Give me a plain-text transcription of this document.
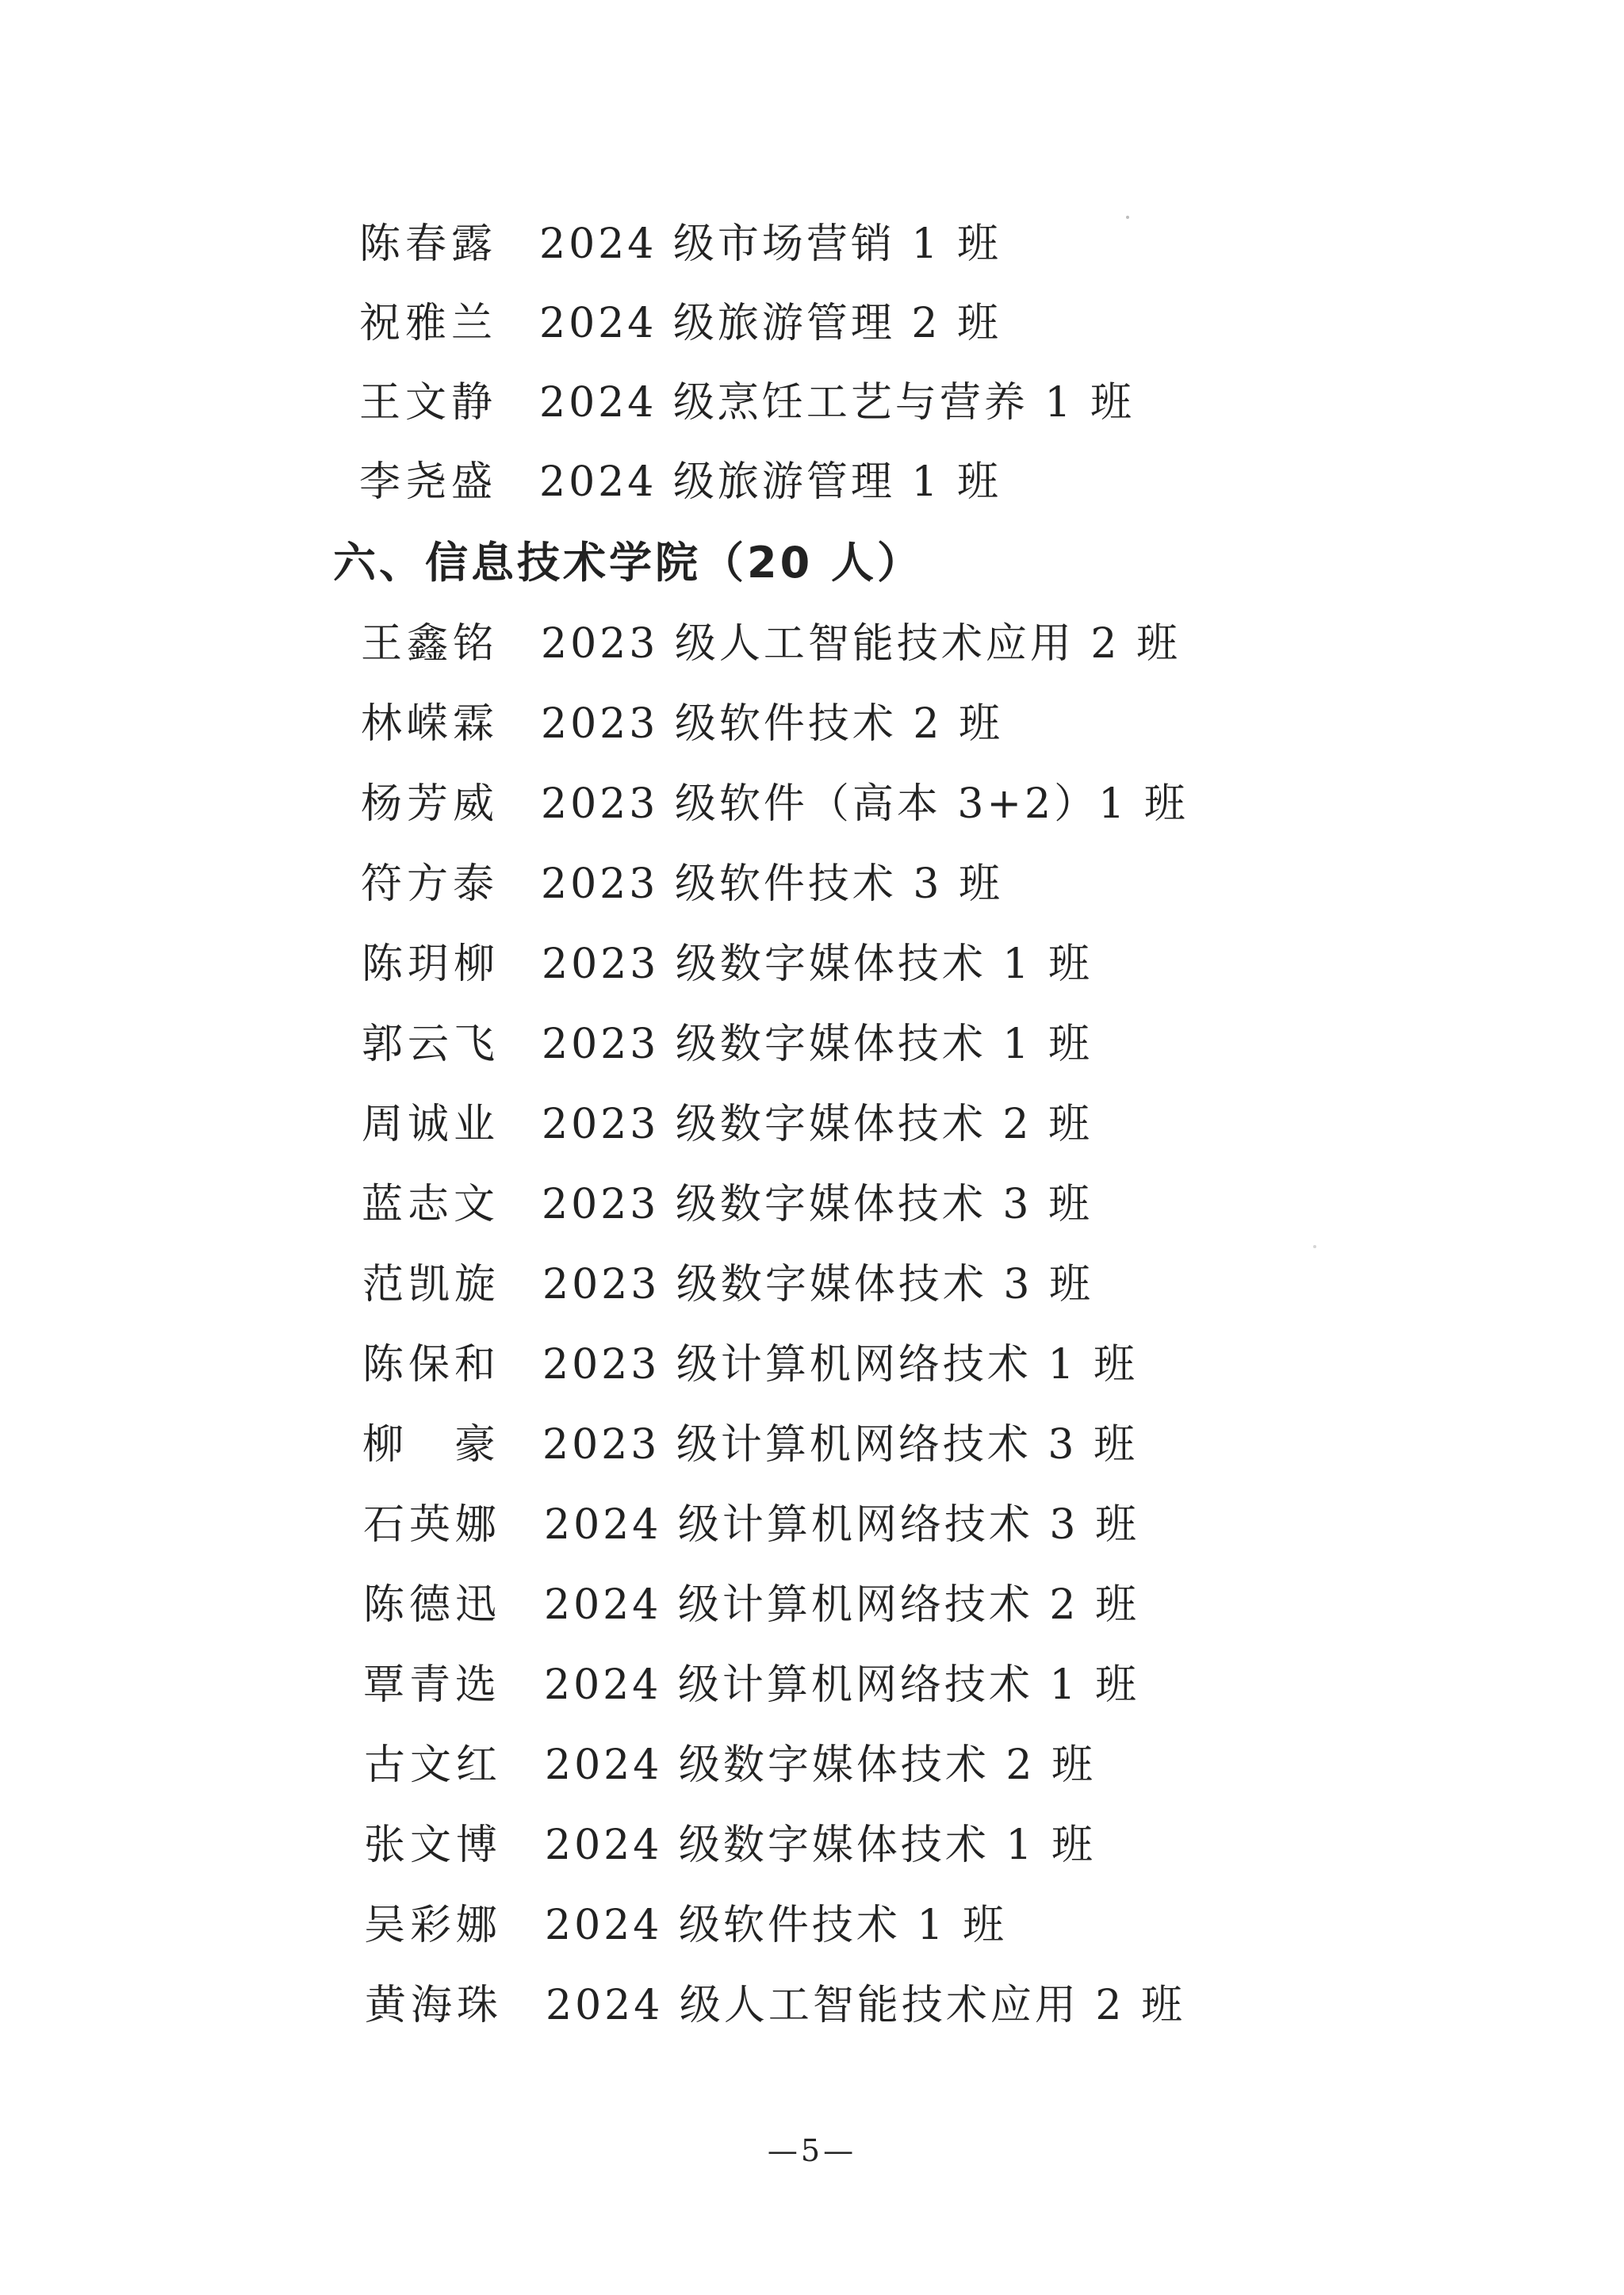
陈春露 2024 级市场营销 1 班
祝雅兰 2024 级旅游管理 2 班
王文静 2024 级烹饪工艺与营养 1 班
李尧盛 2024 级旅游管理 1 班
六、信息技术学院（20 人）
王鑫铭 2023 级人工智能技术应用 2 班
林嵘霖 2023 级软件技术 2 班
杨芳威 2023 级软件（高本 3+2）1 班
符方泰 2023 级软件技术 3 班
陈玥柳 2023 级数字媒体技术 1 班
郭云飞 2023 级数字媒体技术 1 班
周诚业 2023 级数字媒体技术 2 班
蓝志文 2023 级数字媒体技术 3 班
范凯旋 2023 级数字媒体技术 3 班
陈保和 2023 级计算机网络技术 1 班
柳　豪 2023 级计算机网络技术 3 班
石英娜 2024 级计算机网络技术 3 班
陈德迅 2024 级计算机网络技术 2 班
覃青选 2024 级计算机网络技术 1 班
古文红 2024 级数字媒体技术 2 班
张文博 2024 级数字媒体技术 1 班
吴彩娜 2024 级软件技术 1 班
黄海珠 2024 级人工智能技术应用 2 班
—5—
